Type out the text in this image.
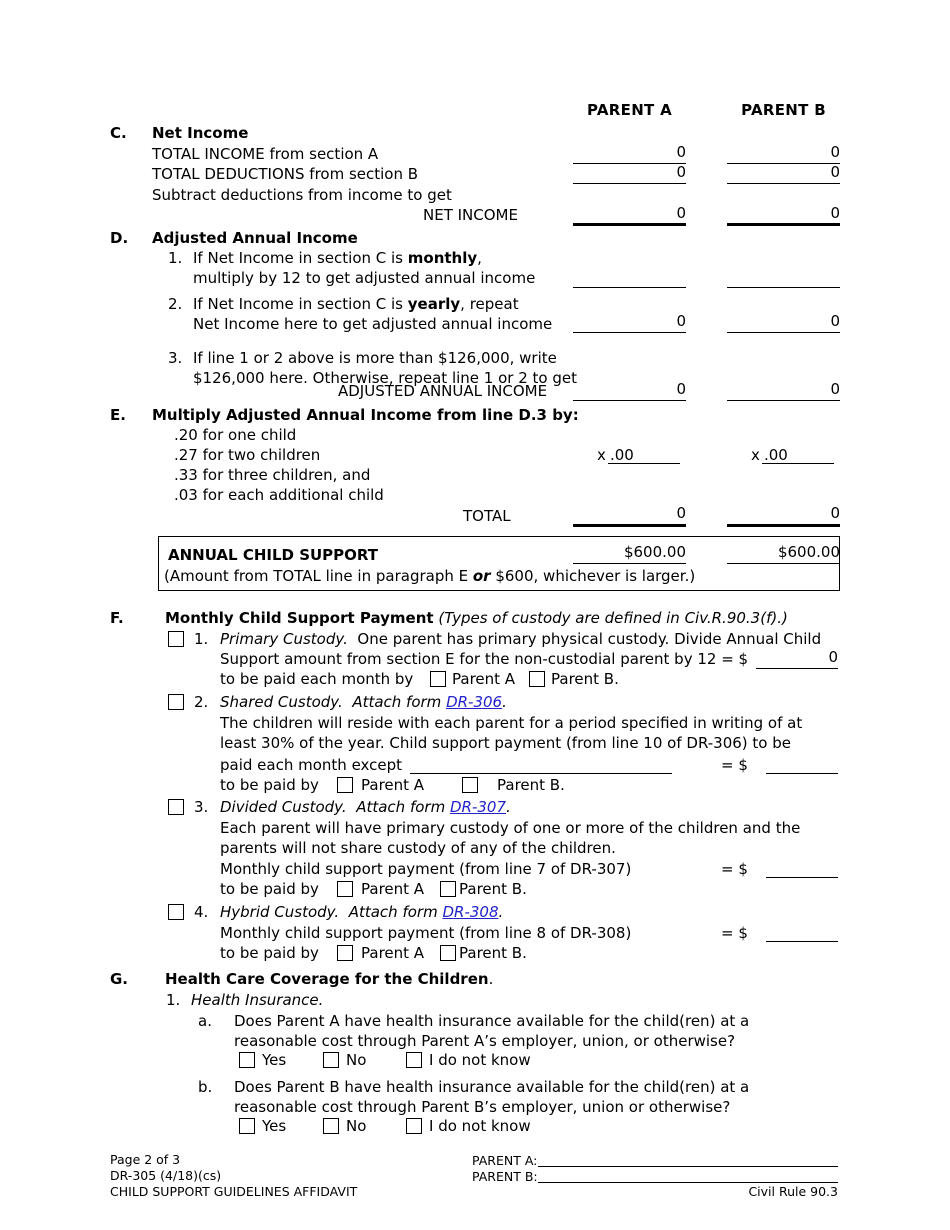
PARENT A	PARENT B
C. Net Income
TOTAL INCOME from section A	0	0
TOTAL DEDUCTIONS from section B	0	0
Subtract deductions from income to get
NET INCOME	0	0
D. Adjusted Annual Income
1. If Net Income in section C is monthly,
multiply by 12 to get adjusted annual income
2. If Net Income in section C is yearly, repeat
Net Income here to get adjusted annual income	0	0
3. If line 1 or 2 above is more than $126,000, write
$126,000 here. Otherwise, repeat line 1 or 2 to get
ADJUSTED ANNUAL INCOME	0	0
E. Multiply Adjusted Annual Income from line D.3 by:
.20 for one child
.27 for two children
.33 for three children, and
.03 for each additional child
x .00	x .00
TOTAL	0	0
ANNUAL CHILD SUPPORT	$600.00	$600.00
(Amount from TOTAL line in paragraph E or $600, whichever is larger.)
F.	Monthly Child Support Payment (Types of custody are defined in Civ.R.90.3(f).)
1. Primary Custody. One parent has primary physical custody. Divide Annual Child
Support amount from section E for the non-custodial parent by 12 = $	0
to be paid each month by	Parent A Parent B.
2. Shared Custody. Attach form DR-306.
The children will reside with each parent for a period specified in writing of at
least 30% of the year. Child support payment (from line 10 of DR-306) to be
paid each month except	= $
to be paid by	Parent A	Parent B.
3. Divided Custody. Attach form DR-307.
Each parent will have primary custody of one or more of the children and the
parents will not share custody of any of the children.
Monthly child support payment (from line 7 of DR-307)	= $
to be paid by	Parent A Parent B.
4. Hybrid Custody. Attach form DR-308.
Monthly child support payment (from line 8 of DR-308)	= $
to be paid by	Parent A Parent B.
G. Health Care Coverage for the Children.
1. Health Insurance.
a. Does Parent A have health insurance available for the child(ren) at a
reasonable cost through Parent A’s employer, union, or otherwise?
Yes	No	I do not know
b. Does Parent B have health insurance available for the child(ren) at a
reasonable cost through Parent B’s employer, union or otherwise?
Yes	No	I do not know
Page 2 of 3
DR-305 (4/18)(cs)
CHILD SUPPORT GUIDELINES AFFIDAVIT
PARENT A:
PARENT B:
Civil Rule 90.3
